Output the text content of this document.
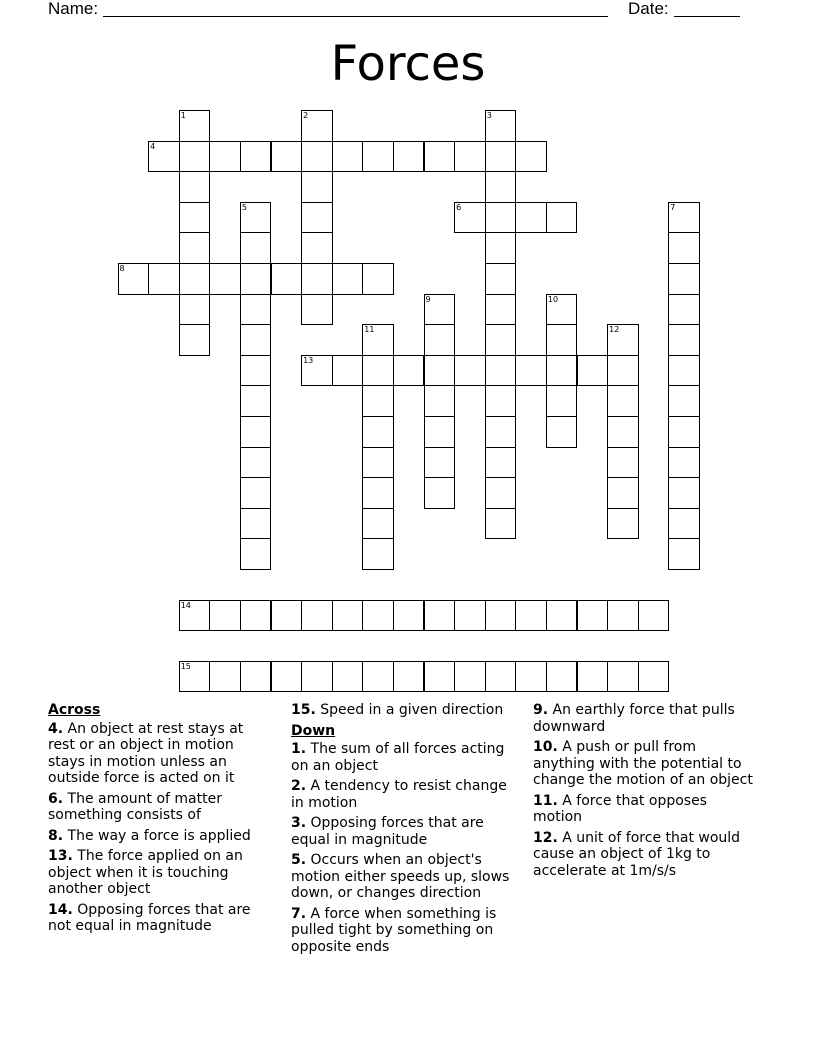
Name:	Date:
Forces
1	2	3
4
5	6	7
8
9	10
11	12
13
14
15
Across
4. An object at rest stays at rest or an object in motion stays in motion unless an outside force is acted on it
6. The amount of matter something consists of
8. The way a force is applied
13. The force applied on an object when it is touching another object
14. Opposing forces that are not equal in magnitude
15. Speed in a given direction
Down
1. The sum of all forces acting on an object
2. A tendency to resist change in motion
3. Opposing forces that are equal in magnitude
5. Occurs when an object's motion either speeds up, slows down, or changes direction
7. A force when something is pulled tight by something on opposite ends
9. An earthly force that pulls downward
10. A push or pull from anything with the potential to change the motion of an object
11. A force that opposes motion
12. A unit of force that would cause an object of 1kg to accelerate at 1m/s/s
